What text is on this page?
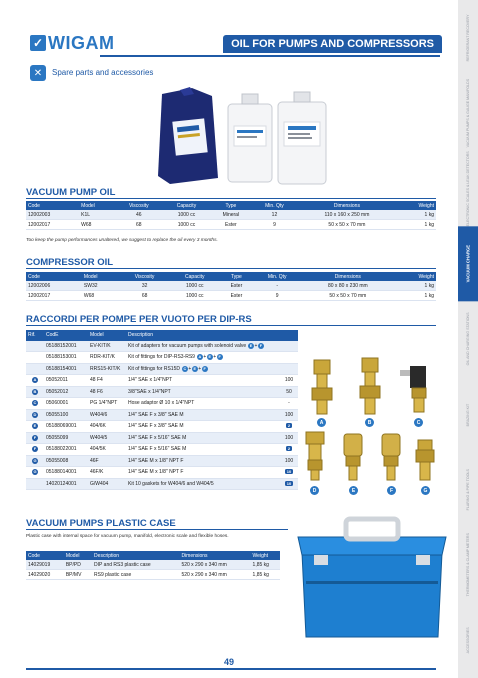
✓ WIGAM	OIL FOR PUMPS AND COMPRESSORS
✕	Spare parts and accessories
VACUUM PUMP OIL
Code	Model	Viscosity	Capacity	Type	Min. Qty	Dimensions	Weight
12002003	K1L	46	1000 cc	Mineral	12	110 x 160 x 250 mm	1 kg
12002017	W68	68	1000 cc	Ester	9	50 x 50 x 70 mm	1 kg
Too keep the pump performances unaltered, we suggest to replace the oil every 3 months.
COMPRESSOR OIL
Code	Model	Viscosity	Capacity	Type	Min. Qty	Dimensions	Weight
12002006	SW32	32	1000 cc	Ester	-	80 x 80 x 230 mm	1 kg
12002017	W68	68	1000 cc	Ester	9	50 x 50 x 70 mm	1 kg
RACCORDI PER POMPE PER VUOTO PER DIP-RS
Rif.	CodE	Model	Description	
	05188152001	EV-KIT/K	Kit of adapters for vacuum pumps with solenoid valve E + F	
	05188153001	RDR-KIT/K	Kit of fittings for DIP-RS3-RS9 A + E + F	
	05188154001	RRS15-KIT/K	Kit of fittings for RS15D C + E + F	
A	05052011	48 F4	1/4" SAE x 1/4"NPT	100
B	05052012	48 F6	3/8"SAE x 1/4"NPT	50
C	05060001	PG 1/4"NPT	Hose adaptor Ø 10 x 1/4"NPT	-
D	05055100	W404/6	1/4" SAE F x 3/8" SAE M	100
E	05188069001	404/6K	1/4" SAE F x 3/8" SAE M	2
F	05055099	W404/5	1/4" SAE F x 5/16" SAE M	100
F	05188022001	404/5K	1/4" SAE F x 5/16" SAE M	2
G	05055008	46F	1/4" SAE M x 1/8" NPT F	100
G	05188014001	46F/K	1/4" SAE M x 1/8" NPT F	10
	14020124001	G/W404	Kit 10 gaskets for W404/6 and W404/5	10
A	B	C
D	E	F	G
VACUUM PUMPS PLASTIC CASE
Plastic case with internal space for vacuum pump, manifold, electronic scale and flexible hoses.
Code	Model	Description	Dimensions	Weight
14029019	BP/PD	DIP and RS3 plastic case	520 x 290 x 340 mm	1,85 kg
14029020	BP/MV	RS9 plastic case	520 x 290 x 340 mm	1,85 kg
49
REFRIGERANT RECOVERY
VACUUM PUMPS & GAUGE MANIFOLDS
ELECTRONIC SCALES & LEAK DETECTORS
VACUUM CHARGE
OIL AND CHARGING STATIONS
BRAZING KIT
FLARING & PIPE TOOLS
THERMOMETERS & CLAMP METERS
ACCESSORIES
